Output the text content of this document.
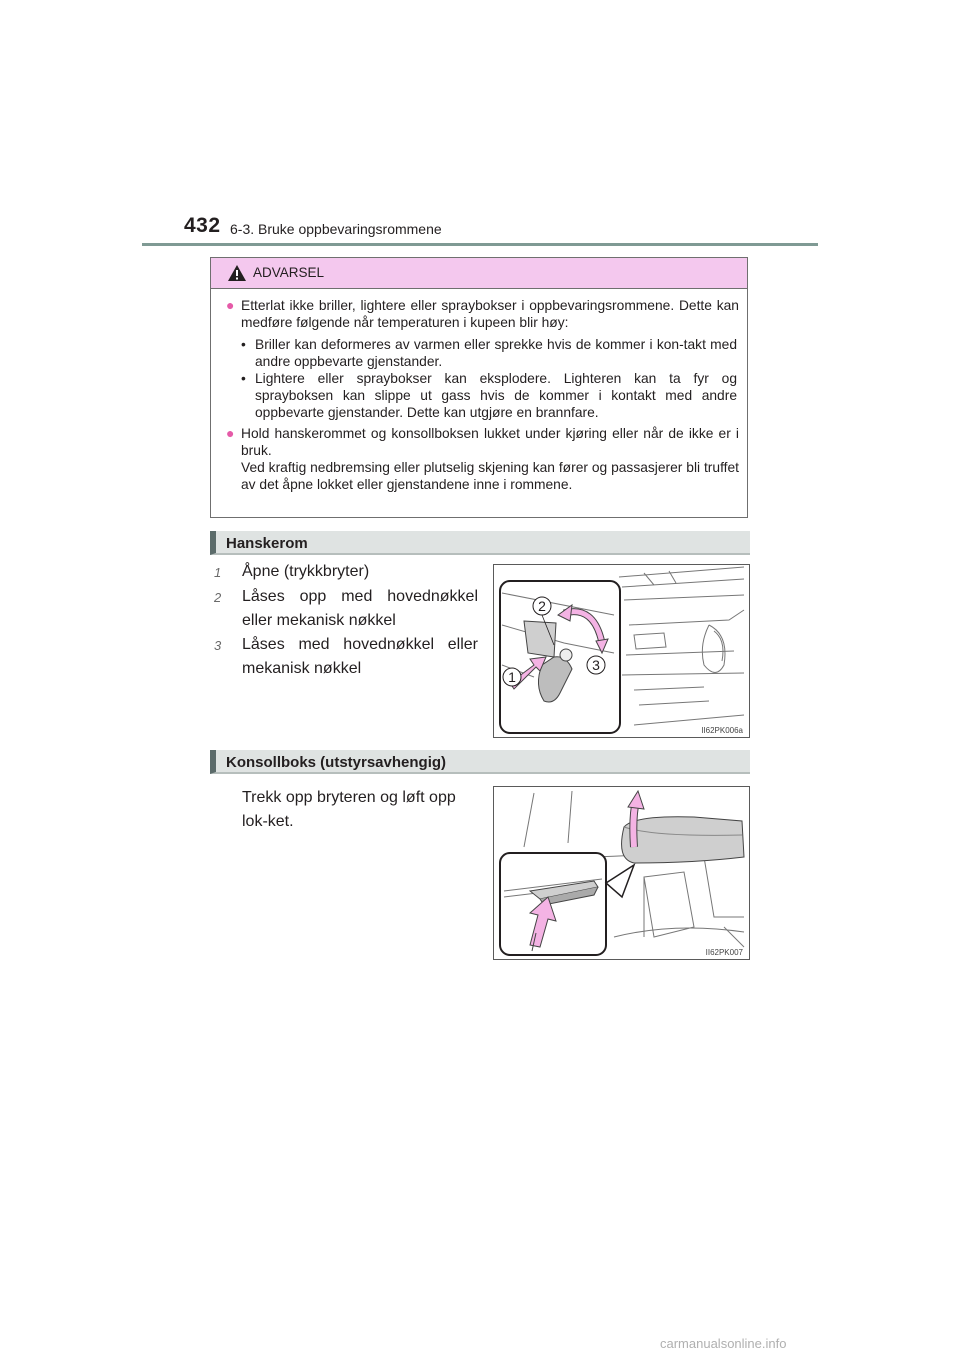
432 6-3. Bruke oppbevaringsrommene
ADVARSEL
● Etterlat ikke briller, lightere eller spraybokser i oppbevaringsrommene. Dette kan medføre følgende når temperaturen i kupeen blir høy:

• Briller kan deformeres av varmen eller sprekke hvis de kommer i kon-takt med andre oppbevarte gjenstander.

• Lightere eller spraybokser kan eksplodere. Lighteren kan ta fyr og sprayboksen kan slippe ut gass hvis de kommer i kontakt med andre oppbevarte gjenstander. Dette kan utgjøre en brannfare.

● Hold hanskerommet og konsollboksen lukket under kjøring eller når de ikke er i bruk.

Ved kraftig nedbremsing eller plutselig skjening kan fører og passasjerer bli truffet av det åpne lokket eller gjenstandene inne i rommene.

Hanskerom
1 Åpne (trykkbryter)
2 Låses opp med hovednøkkel eller mekanisk nøkkel
3 Låses med hovednøkkel eller mekanisk nøkkel
2
1
3
II62PK006a
Konsollboks (utstyrsavhengig)
Trekk opp bryteren og løft opp lok-ket.
II62PK007
carmanualsonline.info
